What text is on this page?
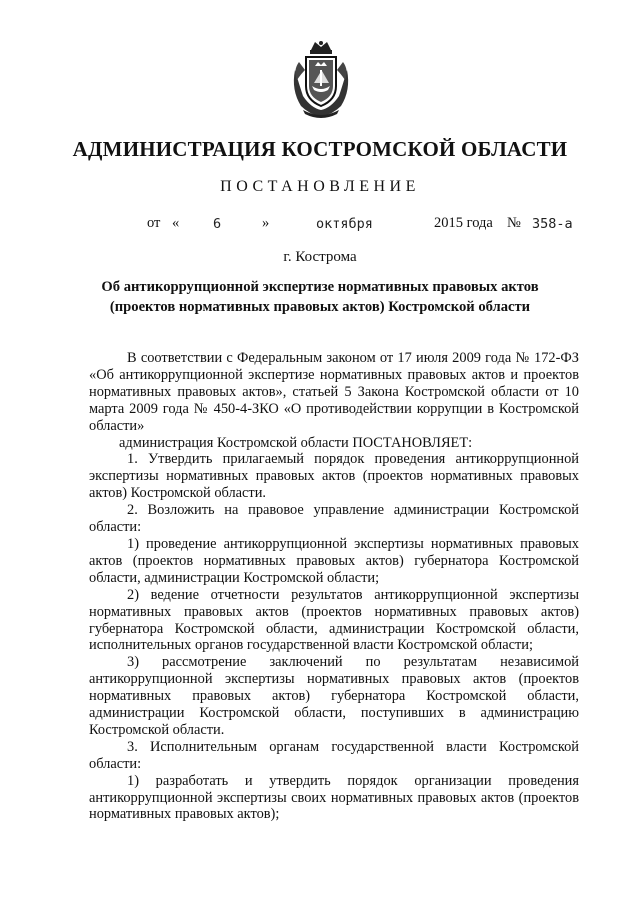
АДМИНИСТРАЦИЯ КОСТРОМСКОЙ ОБЛАСТИ
ПОСТАНОВЛЕНИЕ
от «	6	»	октября	2015 года № 358-а
г. Кострома
Об антикоррупционной экспертизе нормативных правовых актов
(проектов нормативных правовых актов) Костромской области

В соответствии с Федеральным законом от 17 июля 2009 года № 172-ФЗ «Об антикоррупционной экспертизе нормативных правовых актов и проектов нормативных правовых актов», статьей 5 Закона Костромской области от 10 марта 2009 года № 450-4-ЗКО «О противодействии коррупции в Костромской области»

администрация Костромской области ПОСТАНОВЛЯЕТ:

1. Утвердить прилагаемый порядок проведения антикоррупционной экспертизы нормативных правовых актов (проектов нормативных правовых актов) Костромской области.

2. Возложить на правовое управление администрации Костромской области:

1) проведение антикоррупционной экспертизы нормативных правовых актов (проектов нормативных правовых актов) губернатора Костромской области, администрации Костромской области;

2) ведение отчетности результатов антикоррупционной экспертизы нормативных правовых актов (проектов нормативных правовых актов) губернатора Костромской области, администрации Костромской области, исполнительных органов государственной власти Костромской области;

3) рассмотрение заключений по результатам независимой антикоррупционной экспертизы нормативных правовых актов (проектов нормативных правовых актов) губернатора Костромской области, администрации Костромской области, поступивших в администрацию Костромской области.

3. Исполнительным органам государственной власти Костромской области:

1) разработать и утвердить порядок организации проведения антикоррупционной экспертизы своих нормативных правовых актов (проектов нормативных правовых актов);
